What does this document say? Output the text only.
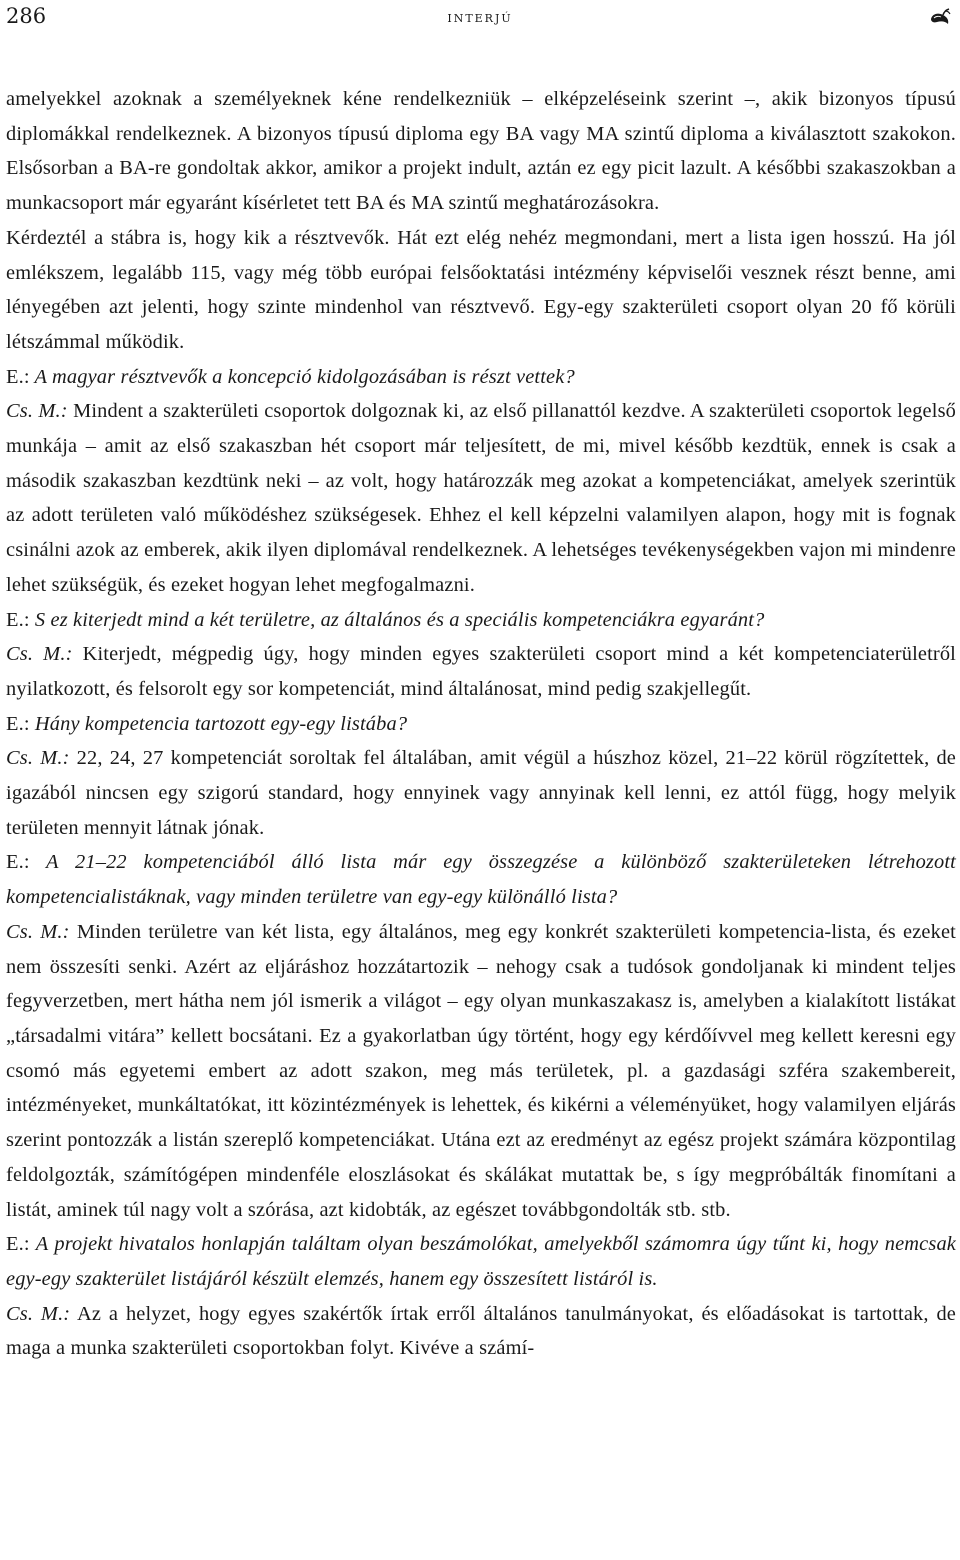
286	interjú

amelyekkel azoknak a személyeknek kéne rendelkezniük – elképzeléseink szerint –, akik bizonyos típusú diplomákkal rendelkeznek. A bizonyos típusú diploma egy BA vagy MA szintű diploma a kiválasztott szakokon. Elsősorban a BA-re gondoltak akkor, amikor a projekt indult, aztán ez egy picit lazult. A későbbi szakaszokban a munkacsoport már egyaránt kísérletet tett BA és MA szintű meghatározásokra.

Kérdeztél a stábra is, hogy kik a résztvevők. Hát ezt elég nehéz megmondani, mert a lista igen hosszú. Ha jól emlékszem, legalább 115, vagy még több európai felsőoktatási intézmény képviselői vesznek részt benne, ami lényegében azt jelenti, hogy szinte mindenhol van résztvevő. Egy-egy szakterületi csoport olyan 20 fő körüli létszámmal működik.

E.: A magyar résztvevők a koncepció kidolgozásában is részt vettek?

Cs. M.: Mindent a szakterületi csoportok dolgoznak ki, az első pillanattól kezdve. A szakterületi csoportok legelső munkája – amit az első szakaszban hét csoport már teljesített, de mi, mivel később kezdtük, ennek is csak a második szakaszban kezdtünk neki – az volt, hogy határozzák meg azokat a kompetenciákat, amelyek szerintük az adott területen való működéshez szükségesek. Ehhez el kell képzelni valamilyen alapon, hogy mit is fognak csinálni azok az emberek, akik ilyen diplomával rendelkeznek. A lehetséges tevékenységekben vajon mi mindenre lehet szükségük, és ezeket hogyan lehet megfogalmazni.

E.: S ez kiterjedt mind a két területre, az általános és a speciális kompetenciákra egyaránt?

Cs. M.: Kiterjedt, mégpedig úgy, hogy minden egyes szakterületi csoport mind a két kompetenciaterületről nyilatkozott, és felsorolt egy sor kompetenciát, mind általánosat, mind pedig szakjellegűt.

E.: Hány kompetencia tartozott egy-egy listába?

Cs. M.: 22, 24, 27 kompetenciát soroltak fel általában, amit végül a húszhoz közel, 21–22 körül rögzítettek, de igazából nincsen egy szigorú standard, hogy ennyinek vagy annyinak kell lenni, ez attól függ, hogy melyik területen mennyit látnak jónak.

E.: A 21–22 kompetenciából álló lista már egy összegzése a különböző szakterületeken létrehozott kompetencialistáknak, vagy minden területre van egy-egy különálló lista?

Cs. M.: Minden területre van két lista, egy általános, meg egy konkrét szakterületi kompetencia-lista, és ezeket nem összesíti senki. Azért az eljáráshoz hozzátartozik – nehogy csak a tudósok gondoljanak ki mindent teljes fegyverzetben, mert hátha nem jól ismerik a világot – egy olyan munkaszakasz is, amelyben a kialakított listákat „társadalmi vitára” kellett bocsátani. Ez a gyakorlatban úgy történt, hogy egy kérdőívvel meg kellett keresni egy csomó más egyetemi embert az adott szakon, meg más területek, pl. a gazdasági szféra szakembereit, intézményeket, munkáltatókat, itt közintézmények is lehettek, és kikérni a véleményüket, hogy valamilyen eljárás szerint pontozzák a listán szereplő kompetenciákat. Utána ezt az eredményt az egész projekt számára központilag feldolgozták, számítógépen mindenféle eloszlásokat és skálákat mutattak be, s így megpróbálták finomítani a listát, aminek túl nagy volt a szórása, azt kidobták, az egészet továbbgondolták stb. stb.

E.: A projekt hivatalos honlapján találtam olyan beszámolókat, amelyekből számomra úgy tűnt ki, hogy nemcsak egy-egy szakterület listájáról készült elemzés, hanem egy összesített listáról is.

Cs. M.: Az a helyzet, hogy egyes szakértők írtak erről általános tanulmányokat, és előadásokat is tartottak, de maga a munka szakterületi csoportokban folyt. Kivéve a számí-
